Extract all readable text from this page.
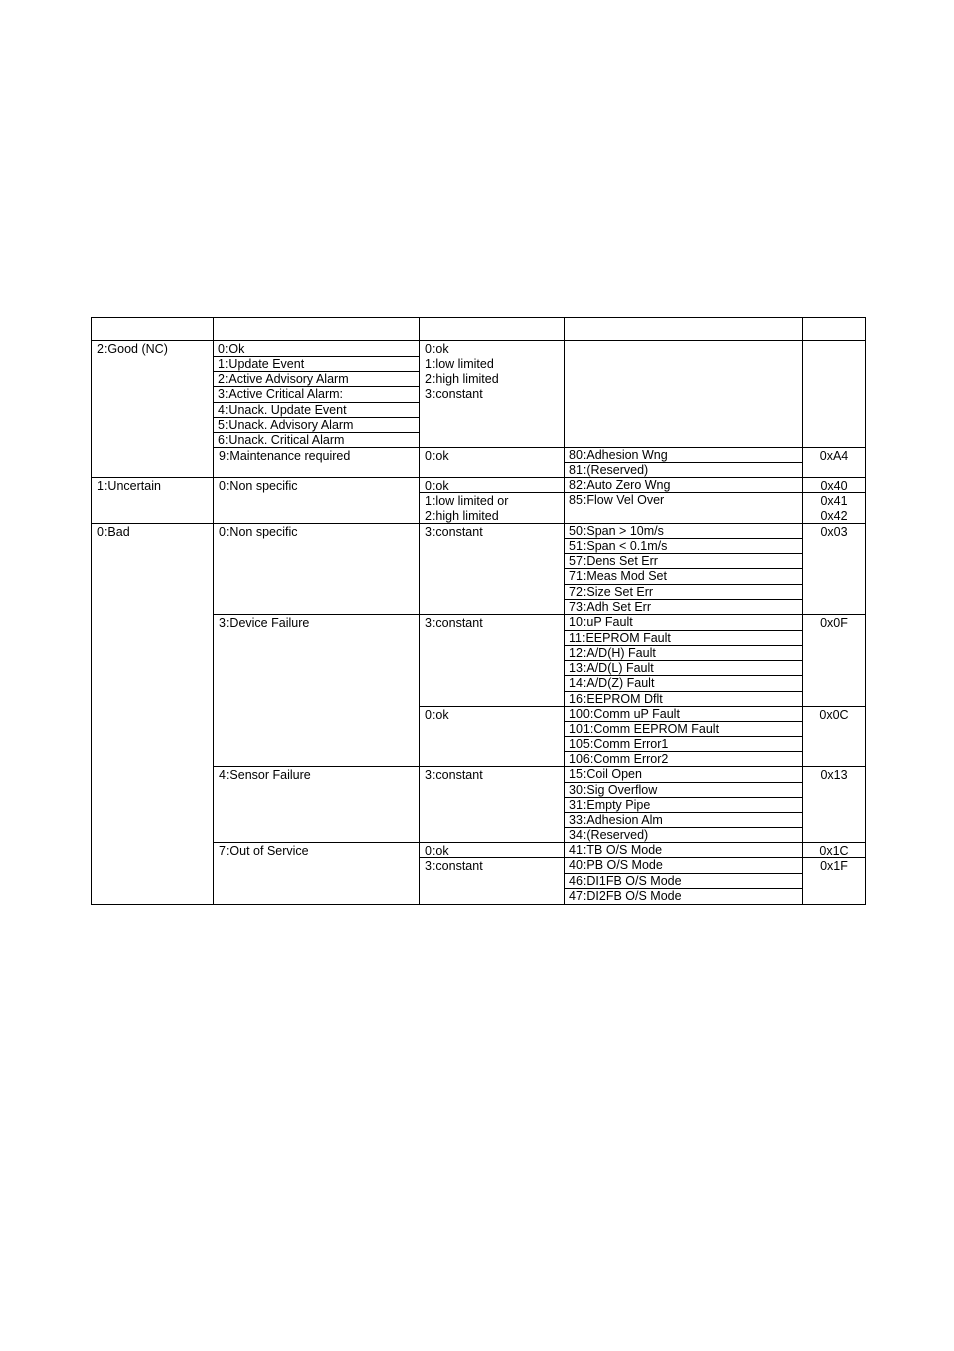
2:Good (NC)
1:Uncertain
0:Bad
0:Ok
1:Update Event
2:Active Advisory Alarm
3:Active Critical Alarm:
4:Unack. Update Event
5:Unack. Advisory Alarm
6:Unack. Critical Alarm
9:Maintenance required
0:Non specific
0:Non specific
3:Device Failure
4:Sensor Failure
7:Out of Service
0:ok
1:low limited
2:high limited
3:constant
0:ok
0:ok
1:low limited or
2:high limited
3:constant
3:constant
0:ok
3:constant
0:ok
3:constant
80:Adhesion Wng
81:(Reserved)
82:Auto Zero Wng
85:Flow Vel Over
50:Span > 10m/s
51:Span < 0.1m/s
57:Dens Set Err
71:Meas Mod Set
72:Size Set Err
73:Adh Set Err
10:uP Fault
11:EEPROM Fault
12:A/D(H) Fault
13:A/D(L) Fault
14:A/D(Z) Fault
16:EEPROM Dflt
100:Comm uP Fault
101:Comm EEPROM Fault
105:Comm Error1
106:Comm Error2
15:Coil Open
30:Sig Overflow
31:Empty Pipe
33:Adhesion Alm
34:(Reserved)
41:TB O/S Mode
40:PB O/S Mode
46:DI1FB O/S Mode
47:DI2FB O/S Mode
0xA4
0x40
0x41
0x42
0x03
0x0F
0x0C
0x13
0x1C
0x1F
